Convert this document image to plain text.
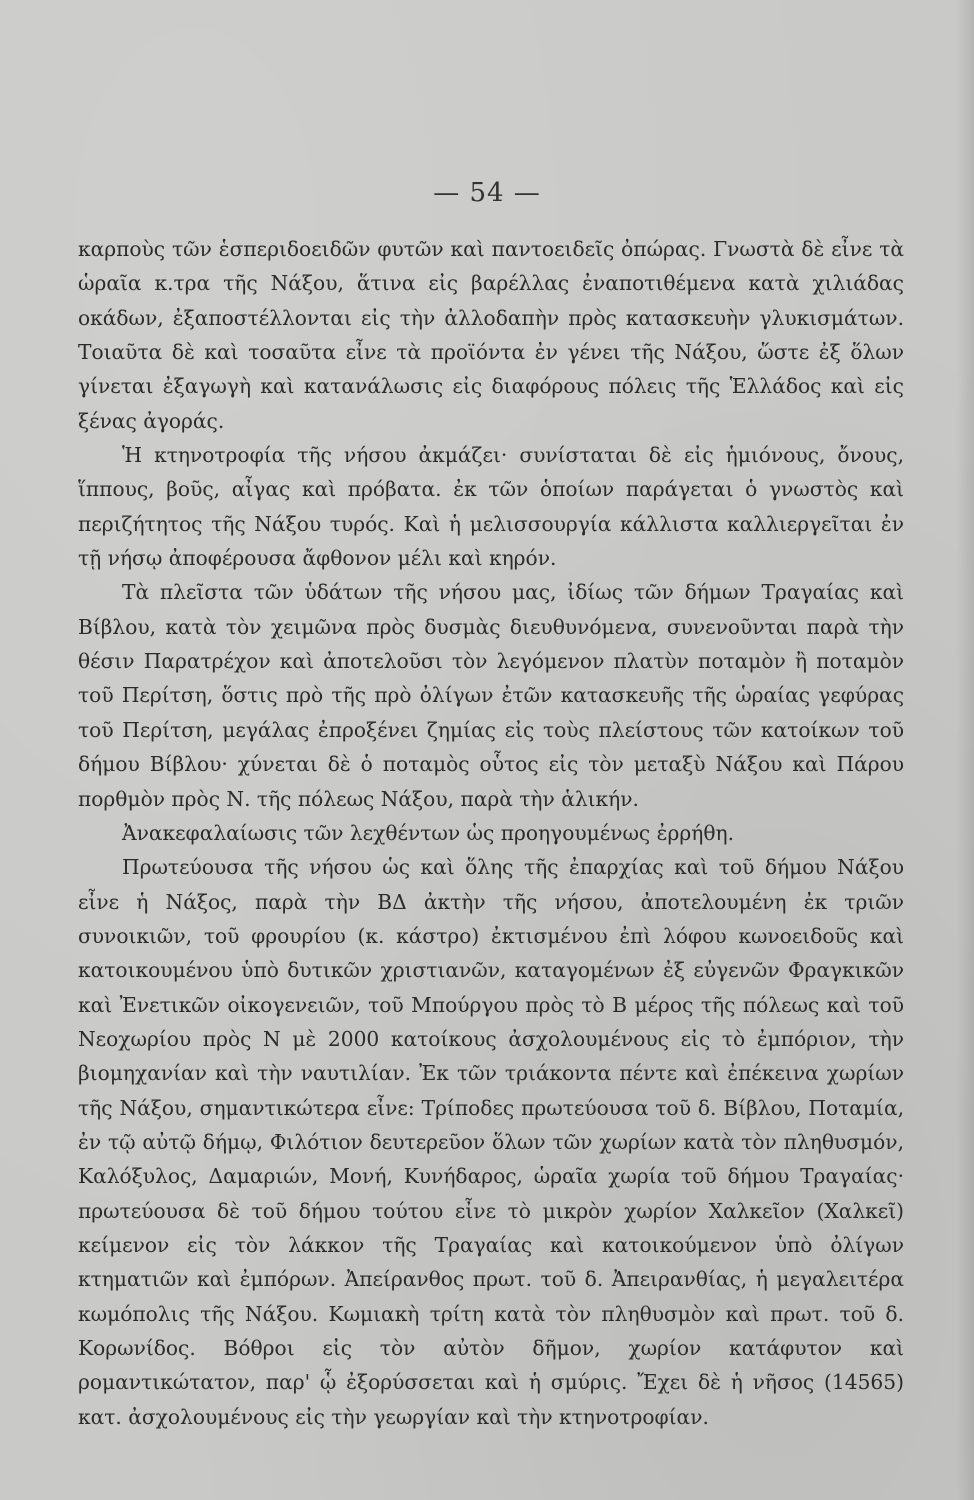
— 54 —

καρποὺς τῶν ἑσπεριδοειδῶν φυτῶν καὶ παντοειδεῖς ὀπώρας. Γνωστὰ δὲ εἶνε τὰ ὡραῖα κ.τρα τῆς Νάξου, ἅτινα εἰς βαρέλλας ἐναποτιθέμενα κατὰ χιλιάδας οκάδων, ἐξαποστέλλονται εἰς τὴν ἀλλοδαπὴν πρὸς κατασκευὴν γλυκισμάτων. Τοιαῦτα δὲ καὶ τοσαῦτα εἶνε τὰ προϊόντα ἐν γένει τῆς Νάξου, ὥστε ἐξ ὅλων γίνεται ἐξαγωγὴ καὶ κατανάλωσις εἰς διαφόρους πόλεις τῆς Ἑλλάδος καὶ εἰς ξένας ἀγοράς.

Ἡ κτηνοτροφία τῆς νήσου ἀκμάζει· συνίσταται δὲ εἰς ἡμιόνους, ὄνους, ἵππους, βοῦς, αἶγας καὶ πρόβατα. ἐκ τῶν ὁποίων παράγεται ὁ γνωστὸς καὶ περιζήτητος τῆς Νάξου τυρός. Καὶ ἡ μελισσουργία κάλλιστα καλλιεργεῖται ἐν τῇ νήσῳ ἀποφέρουσα ἄφθονον μέλι καὶ κηρόν.

Τὰ πλεῖστα τῶν ὑδάτων τῆς νήσου μας, ἰδίως τῶν δήμων Τραγαίας καὶ Βίβλου, κατὰ τὸν χειμῶνα πρὸς δυσμὰς διευθυνόμενα, συνενοῦνται παρὰ τὴν θέσιν Παρατρέχον καὶ ἀποτελοῦσι τὸν λεγόμενον πλατὺν ποταμὸν ἢ ποταμὸν τοῦ Περίτση, ὅστις πρὸ τῆς πρὸ ὀλίγων ἐτῶν κατασκευῆς τῆς ὡραίας γεφύρας τοῦ Περίτση, μεγάλας ἐπροξένει ζημίας εἰς τοὺς πλείστους τῶν κατοίκων τοῦ δήμου Βίβλου· χύνεται δὲ ὁ ποταμὸς οὗτος εἰς τὸν μεταξὺ Νάξου καὶ Πάρου πορθμὸν πρὸς Ν. τῆς πόλεως Νάξου, παρὰ τὴν ἁλικήν.

Ἀνακεφαλαίωσις τῶν λεχθέντων ὡς προηγουμένως ἐρρήθη.

Πρωτεύουσα τῆς νήσου ὡς καὶ ὅλης τῆς ἐπαρχίας καὶ τοῦ δήμου Νάξου εἶνε ἡ Νάξος, παρὰ τὴν ΒΔ ἀκτὴν τῆς νήσου, ἀποτελουμένη ἐκ τριῶν συνοικιῶν, τοῦ φρουρίου (κ. κάστρο) ἐκτισμένου ἐπὶ λόφου κωνοειδοῦς καὶ κατοικουμένου ὑπὸ δυτικῶν χριστιανῶν, καταγομένων ἐξ εὐγενῶν Φραγκικῶν καὶ Ἐνετικῶν οἰκογενειῶν, τοῦ Μπούργου πρὸς τὸ Β μέρος τῆς πόλεως καὶ τοῦ Νεοχωρίου πρὸς Ν μὲ 2000 κατοίκους ἀσχολουμένους εἰς τὸ ἐμπόριον, τὴν βιομηχανίαν καὶ τὴν ναυτιλίαν. Ἐκ τῶν τριάκοντα πέντε καὶ ἐπέκεινα χωρίων τῆς Νάξου, σημαντικώτερα εἶνε: Τρίποδες πρωτεύουσα τοῦ δ. Βίβλου, Ποταμία, ἐν τῷ αὐτῷ δήμῳ, Φιλότιον δευτερεῦον ὅλων τῶν χωρίων κατὰ τὸν πληθυσμόν, Καλόξυλος, Δαμαριών, Μονή, Κυνήδαρος, ὡραῖα χωρία τοῦ δήμου Τραγαίας· πρωτεύουσα δὲ τοῦ δήμου τούτου εἶνε τὸ μικρὸν χωρίον Χαλκεῖον (Χαλκεῖ) κείμενον εἰς τὸν λάκκον τῆς Τραγαίας καὶ κατοικούμενον ὑπὸ ὀλίγων κτηματιῶν καὶ ἐμπόρων. Ἀπείρανθος πρωτ. τοῦ δ. Ἀπειρανθίας, ἡ μεγαλειτέρα κωμόπολις τῆς Νάξου. Κωμιακὴ τρίτη κατὰ τὸν πληθυσμὸν καὶ πρωτ. τοῦ δ. Κορωνίδος. Βόθροι εἰς τὸν αὐτὸν δῆμον, χωρίον κατάφυτον καὶ ρομαντικώτατον, παρ' ᾧ ἐξορύσσεται καὶ ἡ σμύρις. Ἔχει δὲ ἡ νῆσος (14565) κατ. ἀσχολουμένους εἰς τὴν γεωργίαν καὶ τὴν κτηνοτροφίαν.
